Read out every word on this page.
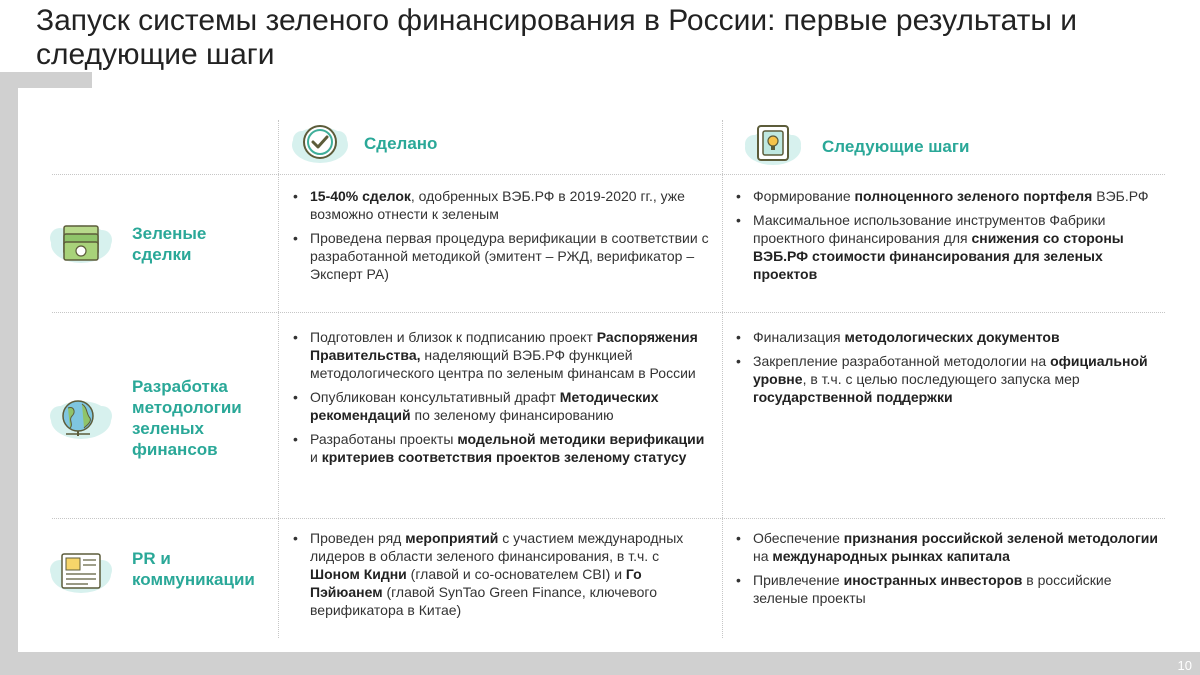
Запуск системы зеленого финансирования в России: первые результаты и следующие шаги
10
Сделано	Следующие шаги
Зеленые сделки
• 15-40% сделок, одобренных ВЭБ.РФ в 2019-2020 гг., уже возможно отнести к зеленым
• Проведена первая процедура верификации в соответствии с разработанной методикой (эмитент – РЖД, верификатор – Эксперт РА)
• Формирование полноценного зеленого портфеля ВЭБ.РФ
• Максимальное использование инструментов Фабрики проектного финансирования для снижения со стороны ВЭБ.РФ стоимости финансирования для зеленых проектов
Разработка методологии зеленых финансов
• Подготовлен и близок к подписанию проект Распоряжения Правительства, наделяющий ВЭБ.РФ функцией методологического центра по зеленым финансам в России
• Опубликован консультативный драфт Методических рекомендаций по зеленому финансированию
• Разработаны проекты модельной методики верификации и критериев соответствия проектов зеленому статусу
• Финализация методологических документов
• Закрепление разработанной методологии на официальной уровне, в т.ч. с целью последующего запуска мер государственной поддержки
PR и коммуникации
• Проведен ряд мероприятий с участием международных лидеров в области зеленого финансирования, в т.ч. с Шоном Кидни (главой и со-основателем CBI) и Го Пэйюанем (главой SynTao Green Finance, ключевого верификатора в Китае)
• Обеспечение признания российской зеленой методологии на международных рынках капитала
• Привлечение иностранных инвесторов в российские зеленые проекты
